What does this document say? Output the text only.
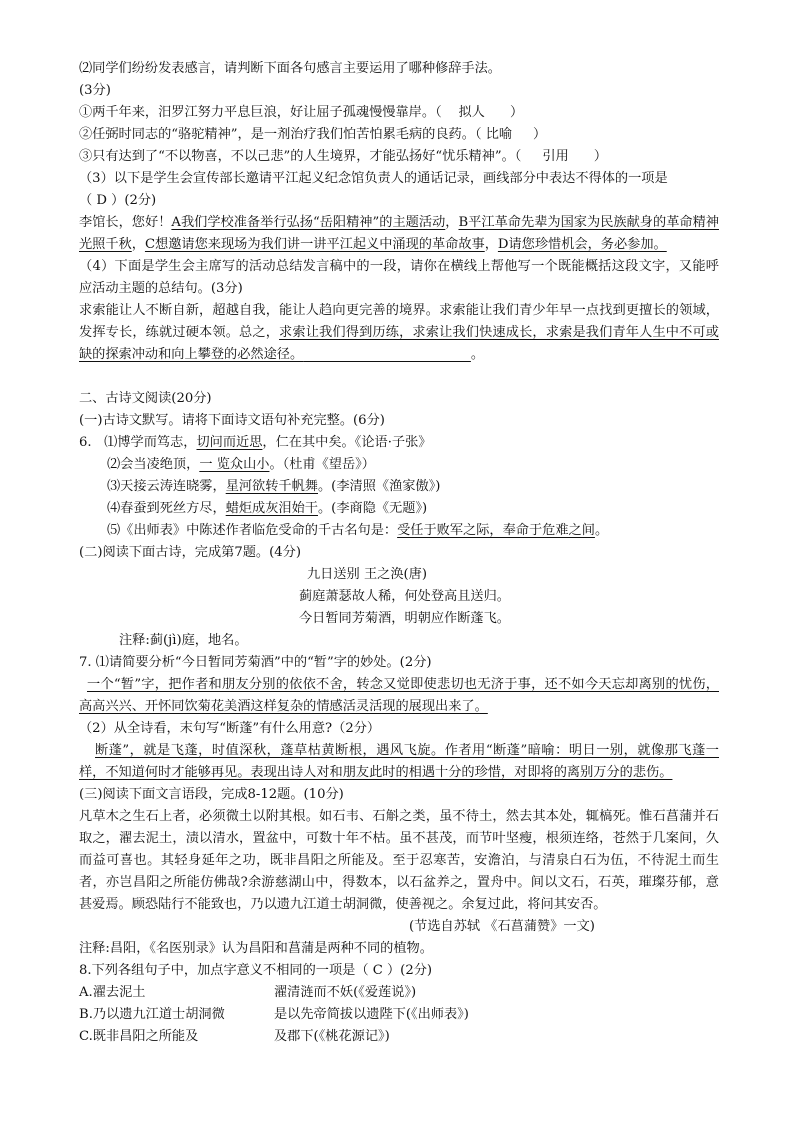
⑵同学们纷纷发表感言，请判断下面各句感言主要运用了哪种修辞手法。
(3分)
①两千年来，汨罗江努力平息巨浪，好让屈子孤魂慢慢靠岸。（ 拟人      ）
②任弼时同志的“骆驼精神”，是一剂治疗我们怕苦怕累毛病的良药。（ 比喻     ）
③只有达到了“不以物喜，不以己悲”的人生境界，才能弘扬好“忧乐精神”。（ 引用      ）
（3）以下是学生会宣传部长邀请平江起义纪念馆负责人的通话记录，画线部分中表达不得体的一项是
（ D ）(2分)
李馆长，您好！A我们学校准备举行弘扬“岳阳精神”的主题活动，B平江革命先辈为国家为民族献身的革命精神光照千秋，C想邀请您来现场为我们讲一讲平江起义中涌现的革命故事，D请您珍惜机会，务必参加。
（4）下面是学生会主席写的活动总结发言稿中的一段，请你在横线上帮他写一个既能概括这段文字，又能呼应活动主题的总结句。(3分)
求索能让人不断自新，超越自我，能让人趋向更完善的境界。求索能让我们青少年早一点找到更擅长的领域，发挥专长，练就过硬本领。总之，求索让我们得到历练，求索让我们快速成长，求索是我们青年人生中不可或缺的探索冲动和向上攀登的必然途径。	。
二、古诗文阅读(20分)
(一)古诗文默写。请将下面诗文语句补充完整。(6分)
6. ⑴博学而笃志，切问而近思，仁在其中矣。《论语·子张》
⑵会当凌绝顶，一 览众山小。（杜甫《望岳》）
⑶天接云涛连晓雾，星河欲转千帆舞。(李清照《渔家傲》)
⑷春蚕到死丝方尽，蜡炬成灰泪始干。(李商隐《无题》)
⑸《出师表》中陈述作者临危受命的千古名句是：受任于败军之际，奉命于危难之间。
(二)阅读下面古诗，完成第7题。(4分)
九日送别 王之涣(唐)
蓟庭萧瑟故人稀，何处登高且送归。
今日暂同芳菊酒，明朝应作断蓬飞。
注释:蓟(jì)庭，地名。
7. ⑴请简要分析“今日暂同芳菊酒”中的“暂”字的妙处。(2分)
一个“暂”字，把作者和朋友分别的依依不舍，转念又觉即使悲切也无济于事，还不如今天忘却离别的忧伤，高高兴兴、开怀同饮菊花美酒这样复杂的情感活灵活现的展现出来了。
（2）从全诗看，末句写“断蓬”有什么用意?（2分）
断蓬”，就是飞蓬，时值深秋，蓬草枯黄断根，遇风飞旋。作者用“断蓬”暗喻：明日一别，就像那飞蓬一样，不知道何时才能够再见。表现出诗人对和朋友此时的相遇十分的珍惜，对即将的离别万分的悲伤。
(三)阅读下面文言语段，完成8-12题。(10分)
凡草木之生石上者，必须微土以附其根。如石韦、石斛之类，虽不待土，然去其本处，辄槁死。惟石菖蒲并石取之，濯去泥土，渍以清水，置盆中，可数十年不枯。虽不甚茂，而节叶坚瘦，根须连络，苍然于几案间，久而益可喜也。其轻身延年之功，既非昌阳之所能及。至于忍寒苦，安澹泊，与清泉白石为伍，不待泥土而生者，亦岂昌阳之所能仿佛哉?余游慈湖山中，得数本，以石盆养之，置舟中。间以文石，石英，璀璨芬郁，意甚爱焉。顾恐陆行不能致也，乃以遗九江道士胡洞微，使善视之。余复过此，将问其安否。
(节选自苏轼 《石菖蒲赞》一文)
注释:昌阳，《名医别录》认为昌阳和菖蒲是两种不同的植物。
8.下列各组句子中，加点字意义不相同的一项是（ C ）(2分)
A.濯去泥土	濯清涟而不妖(《爱莲说》)
B.乃以遗九江道士胡洞微	是以先帝简拔以遗陛下(《出师表》)
C.既非昌阳之所能及	及郡下(《桃花源记》)
